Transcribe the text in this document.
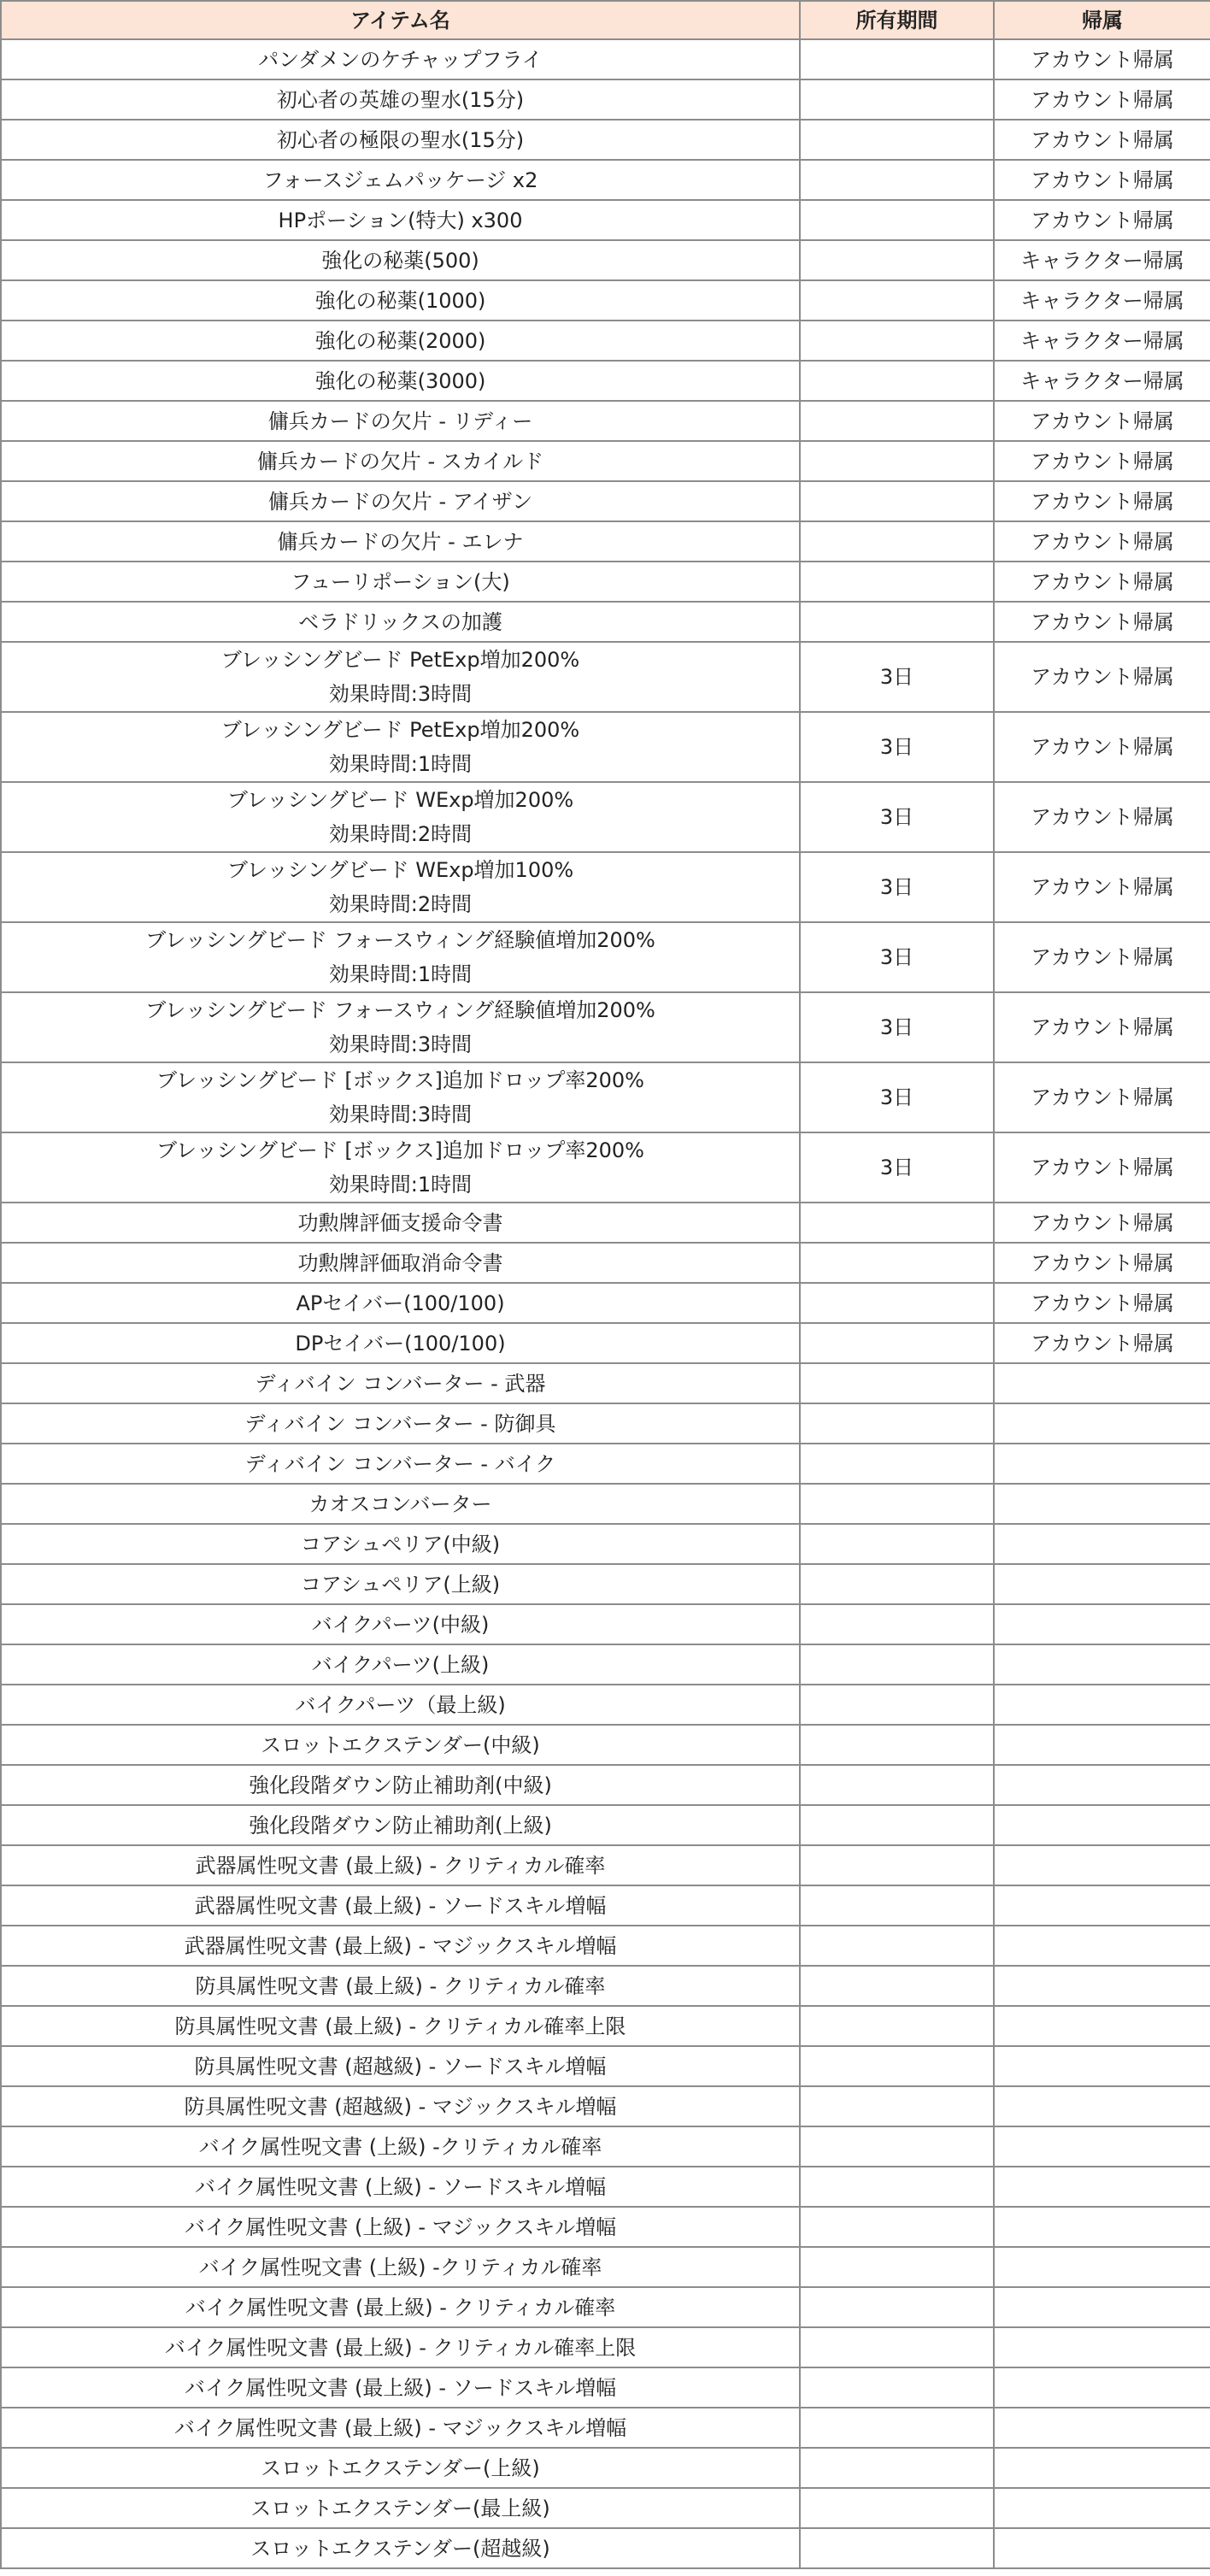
アイテム名	所有期間	帰属

パンダメンのケチャップフライ		アカウント帰属

初心者の英雄の聖水(15分)		アカウント帰属

初心者の極限の聖水(15分)		アカウント帰属

フォースジェムパッケージ x2		アカウント帰属

HPポーション(特大) x300		アカウント帰属

強化の秘薬(500)		キャラクター帰属

強化の秘薬(1000)		キャラクター帰属

強化の秘薬(2000)		キャラクター帰属

強化の秘薬(3000)		キャラクター帰属

傭兵カードの欠片 - リディー		アカウント帰属

傭兵カードの欠片 - スカイルド		アカウント帰属

傭兵カードの欠片 - アイザン		アカウント帰属

傭兵カードの欠片 - エレナ		アカウント帰属

フューリポーション(大)		アカウント帰属

ベラドリックスの加護		アカウント帰属

ブレッシングビード PetExp増加200%
効果時間:3時間	3日	アカウント帰属

ブレッシングビード PetExp増加200%
効果時間:1時間	3日	アカウント帰属

ブレッシングビード WExp増加200%
効果時間:2時間	3日	アカウント帰属

ブレッシングビード WExp増加100%
効果時間:2時間	3日	アカウント帰属

ブレッシングビード フォースウィング経験値増加200%
効果時間:1時間	3日	アカウント帰属

ブレッシングビード フォースウィング経験値増加200%
効果時間:3時間	3日	アカウント帰属

ブレッシングビード [ボックス]追加ドロップ率200%
効果時間:3時間	3日	アカウント帰属

ブレッシングビード [ボックス]追加ドロップ率200%
効果時間:1時間	3日	アカウント帰属

功勲牌評価支援命令書		アカウント帰属

功勲牌評価取消命令書		アカウント帰属

APセイバー(100/100)		アカウント帰属

DPセイバー(100/100)		アカウント帰属

ディバイン コンバーター - 武器		

ディバイン コンバーター - 防御具		

ディバイン コンバーター - バイク		

カオスコンバーター		

コアシュペリア(中級)		

コアシュペリア(上級)		

バイクパーツ(中級)		

バイクパーツ(上級)		

バイクパーツ（最上級)		

スロットエクステンダー(中級)		

強化段階ダウン防止補助剤(中級)		

強化段階ダウン防止補助剤(上級)		

武器属性呪文書 (最上級) - クリティカル確率		

武器属性呪文書 (最上級) - ソードスキル増幅		

武器属性呪文書 (最上級) - マジックスキル増幅		

防具属性呪文書 (最上級) - クリティカル確率		

防具属性呪文書 (最上級) - クリティカル確率上限		

防具属性呪文書 (超越級) - ソードスキル増幅		

防具属性呪文書 (超越級) - マジックスキル増幅		

バイク属性呪文書 (上級) -クリティカル確率		

バイク属性呪文書 (上級) - ソードスキル増幅		

バイク属性呪文書 (上級) - マジックスキル増幅		

バイク属性呪文書 (上級) -クリティカル確率		

バイク属性呪文書 (最上級) - クリティカル確率		

バイク属性呪文書 (最上級) - クリティカル確率上限		

バイク属性呪文書 (最上級) - ソードスキル増幅		

バイク属性呪文書 (最上級) - マジックスキル増幅		

スロットエクステンダー(上級)		

スロットエクステンダー(最上級)		

スロットエクステンダー(超越級)		
